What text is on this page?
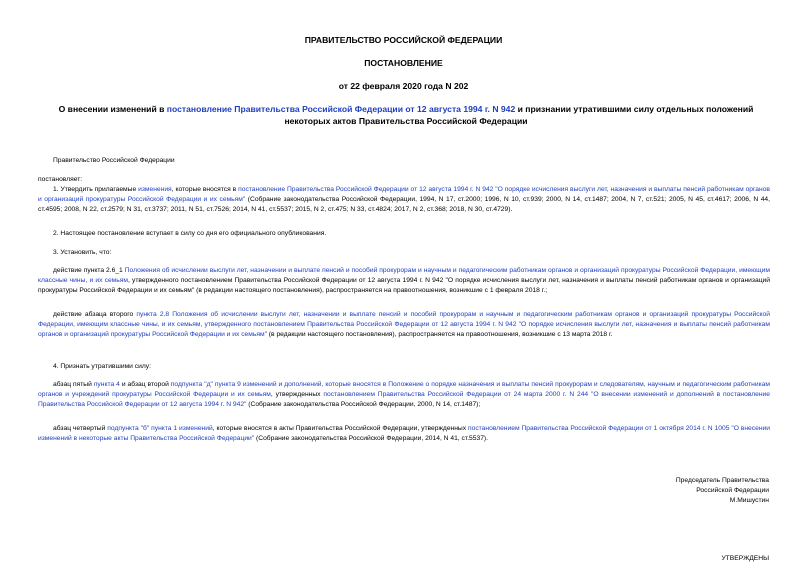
ПРАВИТЕЛЬСТВО РОССИЙСКОЙ ФЕДЕРАЦИИ
ПОСТАНОВЛЕНИЕ
от 22 февраля 2020 года N 202
О внесении изменений в постановление Правительства Российской Федерации от 12 августа 1994 г. N 942 и признании утратившими силу отдельных положений некоторых актов Правительства Российской Федерации
Правительство Российской Федерации
постановляет:
1. Утвердить прилагаемые изменения, которые вносятся в постановление Правительства Российской Федерации от 12 августа 1994 г. N 942 "О порядке исчисления выслуги лет, назначения и выплаты пенсий работникам органов и организаций прокуратуры Российской Федерации и их семьям" (Собрание законодательства Российской Федерации, 1994, N 17, ст.2000; 1996, N 10, ст.939; 2000, N 14, ст.1487; 2004, N 7, ст.521; 2005, N 45, ст.4617; 2006, N 44, ст.4595; 2008, N 22, ст.2579; N 31, ст.3737; 2011, N 51, ст.7526; 2014, N 41, ст.5537; 2015, N 2, ст.475; N 33, ст.4824; 2017, N 2, ст.368; 2018, N 30, ст.4729).
2. Настоящее постановление вступает в силу со дня его официального опубликования.
3. Установить, что:
действие пункта 2.6_1 Положения об исчислении выслуги лет, назначении и выплате пенсий и пособий прокурорам и научным и педагогическим работникам органов и организаций прокуратуры Российской Федерации, имеющим классные чины, и их семьям, утвержденного постановлением Правительства Российской Федерации от 12 августа 1994 г. N 942 "О порядке исчисления выслуги лет, назначения и выплаты пенсий работникам органов и организаций прокуратуры Российской Федерации и их семьям" (в редакции настоящего постановления), распространяется на правоотношения, возникшие с 1 февраля 2018 г.;
действие абзаца второго пункта 2.8 Положения об исчислении выслуги лет, назначении и выплате пенсий и пособий прокурорам и научным и педагогическим работникам органов и организаций прокуратуры Российской Федерации, имеющим классные чины, и их семьям, утвержденного постановлением Правительства Российской Федерации от 12 августа 1994 г. N 942 "О порядке исчисления выслуги лет, назначения и выплаты пенсий работникам органов и организаций прокуратуры Российской Федерации и их семьям" (в редакции настоящего постановления), распространяется на правоотношения, возникшие с 13 марта 2018 г.
4. Признать утратившими силу:
абзац пятый пункта 4 и абзац второй подпункта "д" пункта 9 изменений и дополнений, которые вносятся в Положение о порядке назначения и выплаты пенсий прокурорам и следователям, научным и педагогическим работникам органов и учреждений прокуратуры Российской Федерации и их семьям, утвержденных постановлением Правительства Российской Федерации от 24 марта 2000 г. N 244 "О внесении изменений и дополнений в постановление Правительства Российской Федерации от 12 августа 1994 г. N 942" (Собрание законодательства Российской Федерации, 2000, N 14, ст.1487);
абзац четвертый подпункта "б" пункта 1 изменений, которые вносятся в акты Правительства Российской Федерации, утвержденных постановлением Правительства Российской Федерации от 1 октября 2014 г. N 1005 "О внесении изменений в некоторые акты Правительства Российской Федерации" (Собрание законодательства Российской Федерации, 2014, N 41, ст.5537).
Председатель Правительства
Российской Федерации
М.Мишустин
УТВЕРЖДЕНЫ
